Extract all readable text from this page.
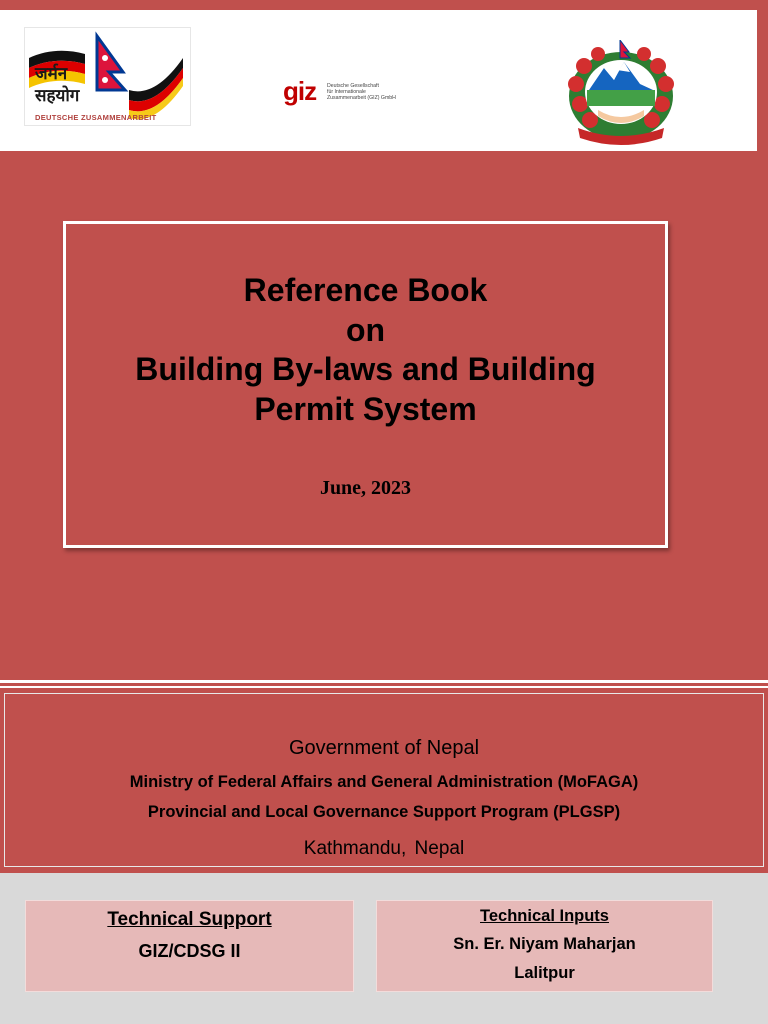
जर्मन
सहयोग
DEUTSCHE ZUSAMMENARBEIT
giz Deutsche Gesellschaft
für Internationale
Zusammenarbeit (GIZ) GmbH
Reference Book
on
Building By-laws and Building
Permit System
June, 2023
Government of Nepal
Ministry of Federal Affairs and General Administration (MoFAGA)
Provincial and Local Governance Support Program (PLGSP)
Kathmandu, Nepal
Technical Support
GIZ/CDSG II
Technical Inputs
Sn. Er. Niyam Maharjan
Lalitpur
